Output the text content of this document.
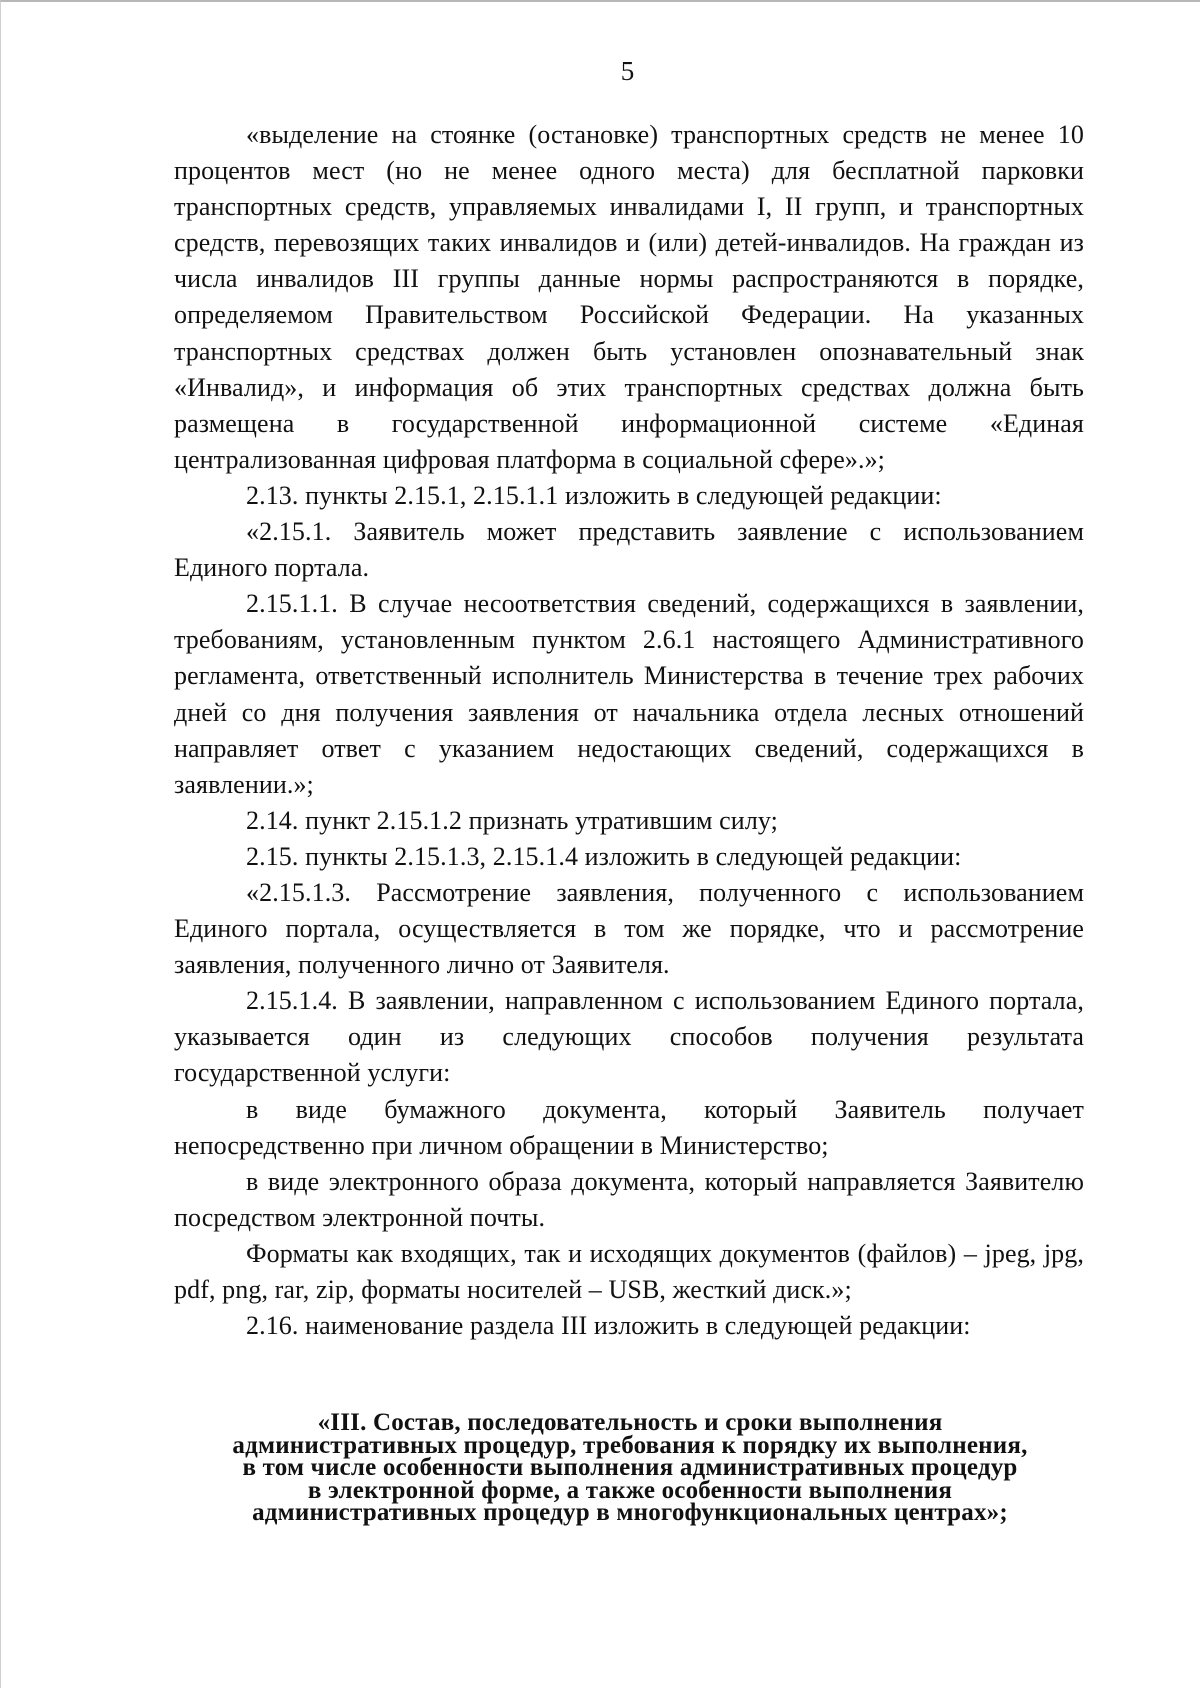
5

«выделение на стоянке (остановке) транспортных средств не менее 10 процентов мест (но не менее одного места) для бесплатной парковки транспортных средств, управляемых инвалидами I, II групп, и транспортных средств, перевозящих таких инвалидов и (или) детей-инвалидов. На граждан из числа инвалидов III группы данные нормы распространяются в порядке, определяемом Правительством Российской Федерации. На указанных транспортных средствах должен быть установлен опознавательный знак «Инвалид», и информация об этих транспортных средствах должна быть размещена в государственной информационной системе «Единая централизованная цифровая платформа в социальной сфере».»;

2.13. пункты 2.15.1, 2.15.1.1 изложить в следующей редакции:

«2.15.1. Заявитель может представить заявление с использованием Единого портала.

2.15.1.1. В случае несоответствия сведений, содержащихся в заявлении, требованиям, установленным пунктом 2.6.1 настоящего Административного регламента, ответственный исполнитель Министерства в течение трех рабочих дней со дня получения заявления от начальника отдела лесных отношений направляет ответ с указанием недостающих сведений, содержащихся в заявлении.»;

2.14. пункт 2.15.1.2 признать утратившим силу;

2.15. пункты 2.15.1.3, 2.15.1.4 изложить в следующей редакции:

«2.15.1.3. Рассмотрение заявления, полученного с использованием Единого портала, осуществляется в том же порядке, что и рассмотрение заявления, полученного лично от Заявителя.

2.15.1.4. В заявлении, направленном с использованием Единого портала, указывается один из следующих способов получения результата государственной услуги:

в виде бумажного документа, который Заявитель получает непосредственно при личном обращении в Министерство;

в виде электронного образа документа, который направляется Заявителю посредством электронной почты.

Форматы как входящих, так и исходящих документов (файлов) – jpeg, jpg, pdf, png, rar, zip, форматы носителей – USB, жесткий диск.»;

2.16. наименование раздела III изложить в следующей редакции:

«III. Состав, последовательность и сроки выполнения
административных процедур, требования к порядку их выполнения,
в том числе особенности выполнения административных процедур
в электронной форме, а также особенности выполнения
административных процедур в многофункциональных центрах»;
